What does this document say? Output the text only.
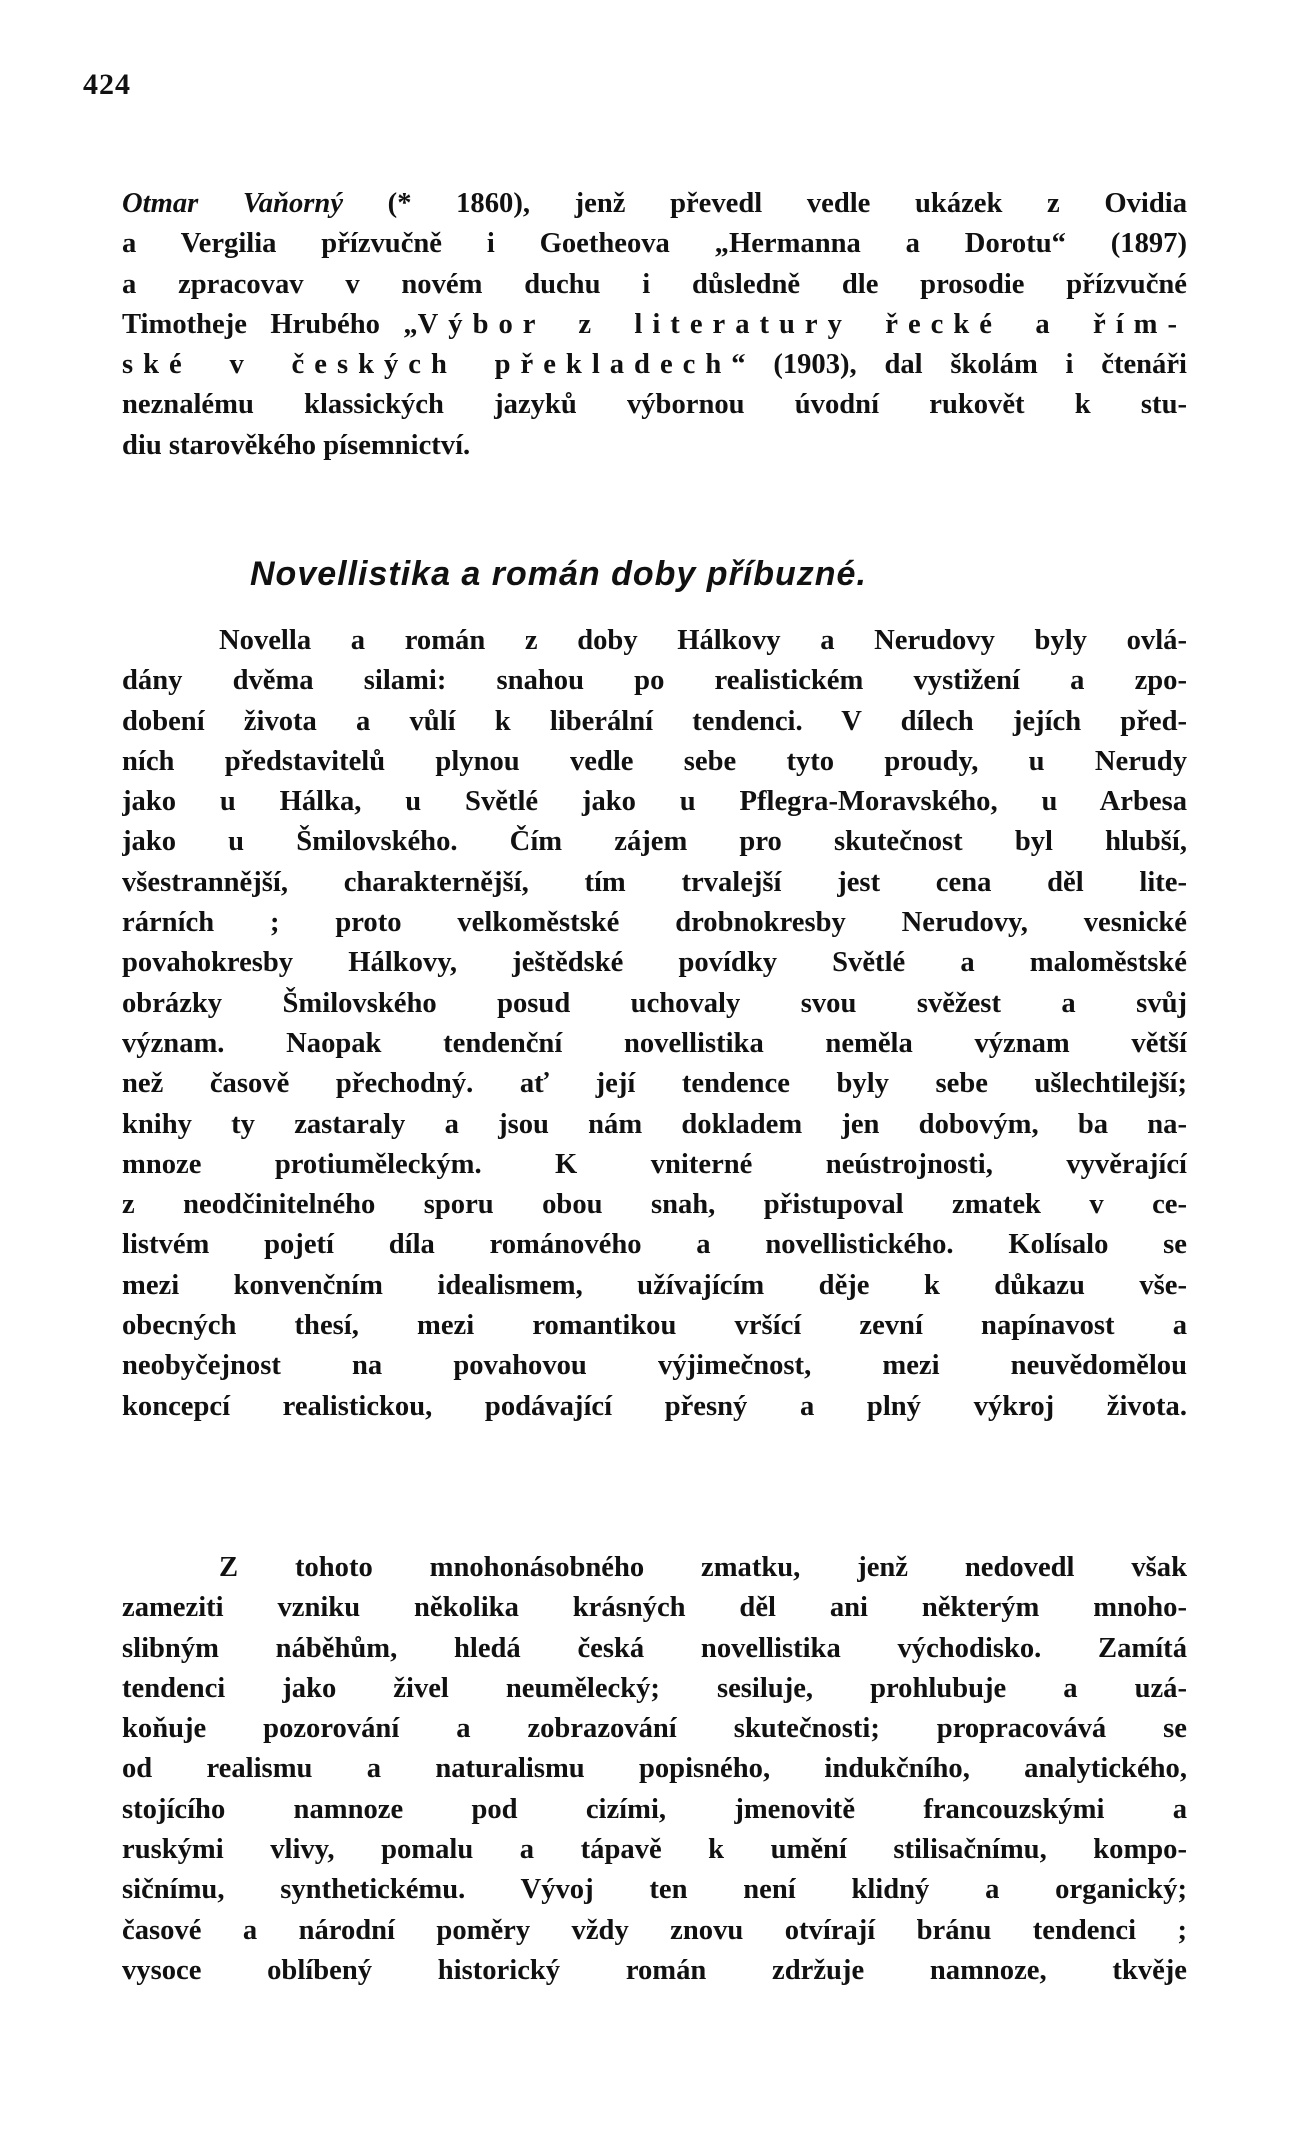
424
Otmar Vaňorný (* 1860), jenž převedl vedle ukázek z Ovidia
a Vergilia přízvučně i Goetheova „Hermanna a Dorotu“ (1897)
a zpracovav v novém duchu i důsledně dle prosodie přízvučné
Timotheje Hrubého „Výbor z literatury řecké a řím-
ské v českých překladech“ (1903), dal školám i čtenáři
neznalému klassických jazyků výbornou úvodní rukovět k stu-
diu starověkého písemnictví.
Novellistika a román doby příbuzné.
Novella a román z doby Hálkovy a Nerudovy byly ovlá-
dány dvěma silami: snahou po realistickém vystižení a zpo-
dobení života a vůlí k liberální tendenci. V dílech jejích před-
ních představitelů plynou vedle sebe tyto proudy, u Nerudy
jako u Hálka, u Světlé jako u Pflegra-Moravského, u Arbesa
jako u Šmilovského. Čím zájem pro skutečnost byl hlubší,
všestrannější, charakternější, tím trvalejší jest cena děl lite-
rárních ; proto velkoměstské drobnokresby Nerudovy, vesnické
povahokresby Hálkovy, ještědské povídky Světlé a maloměstské
obrázky Šmilovského posud uchovaly svou svěžest a svůj
význam. Naopak tendenční novellistika neměla význam větší
než časově přechodný. ať její tendence byly sebe ušlechtilejší;
knihy ty zastaraly a jsou nám dokladem jen dobovým, ba na-
mnoze protiuměleckým. K vniterné neústrojnosti, vyvěrající
z neodčinitelného sporu obou snah, přistupoval zmatek v ce-
listvém pojetí díla románového a novellistického. Kolísalo se
mezi konvenčním idealismem, užívajícím děje k důkazu vše-
obecných thesí, mezi romantikou vršící zevní napínavost a
neobyčejnost na povahovou výjimečnost, mezi neuvědomělou
koncepcí realistickou, podávající přesný a plný výkroj života.
Z tohoto mnohonásobného zmatku, jenž nedovedl však
zameziti vzniku několika krásných děl ani některým mnoho-
slibným náběhům, hledá česká novellistika východisko. Zamítá
tendenci jako živel neumělecký; sesiluje, prohlubuje a uzá-
koňuje pozorování a zobrazování skutečnosti; propracovává se
od realismu a naturalismu popisného, indukčního, analytického,
stojícího namnoze pod cizími, jmenovitě francouzskými a
ruskými vlivy, pomalu a tápavě k umění stilisačnímu, kompo-
sičnímu, synthetickému. Vývoj ten není klidný a organický;
časové a národní poměry vždy znovu otvírají bránu tendenci ;
vysoce oblíbený historický román zdržuje namnoze, tkvěje
